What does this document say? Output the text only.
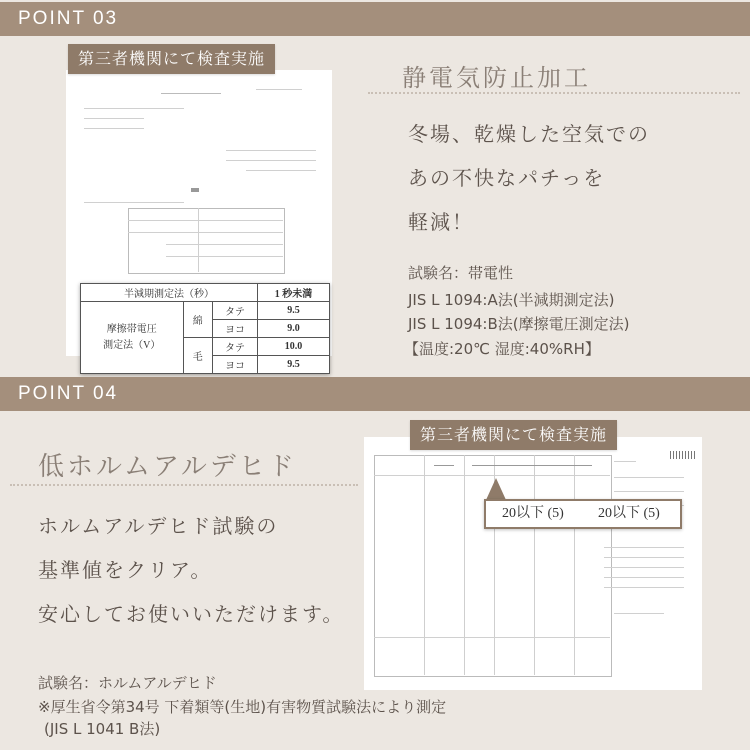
POINT 03
第三者機関にて検査実施
半減期測定法（秒）			1 秒未満
摩擦帯電圧
測定法（V）	綿	タテ	9.5
		ヨコ	9.0
	毛	タテ	10.0
		ヨコ	9.5
静電気防止加工
冬場、乾燥した空気での
あの不快なパチっを
軽減！
試験名：帯電性
JIS L 1094:A法(半減期測定法)
JIS L 1094:B法(摩擦電圧測定法)
【温度:20℃ 湿度:40%RH】
POINT 04
低ホルムアルデヒド
ホルムアルデヒド試験の
基準値をクリア。
安心してお使いいただけます。
試験名：ホルムアルデヒド
※厚生省令第34号 下着類等(生地)有害物質試験法により測定
(JIS L 1041 B法)
第三者機関にて検査実施
20以下 (5) 20以下 (5)
